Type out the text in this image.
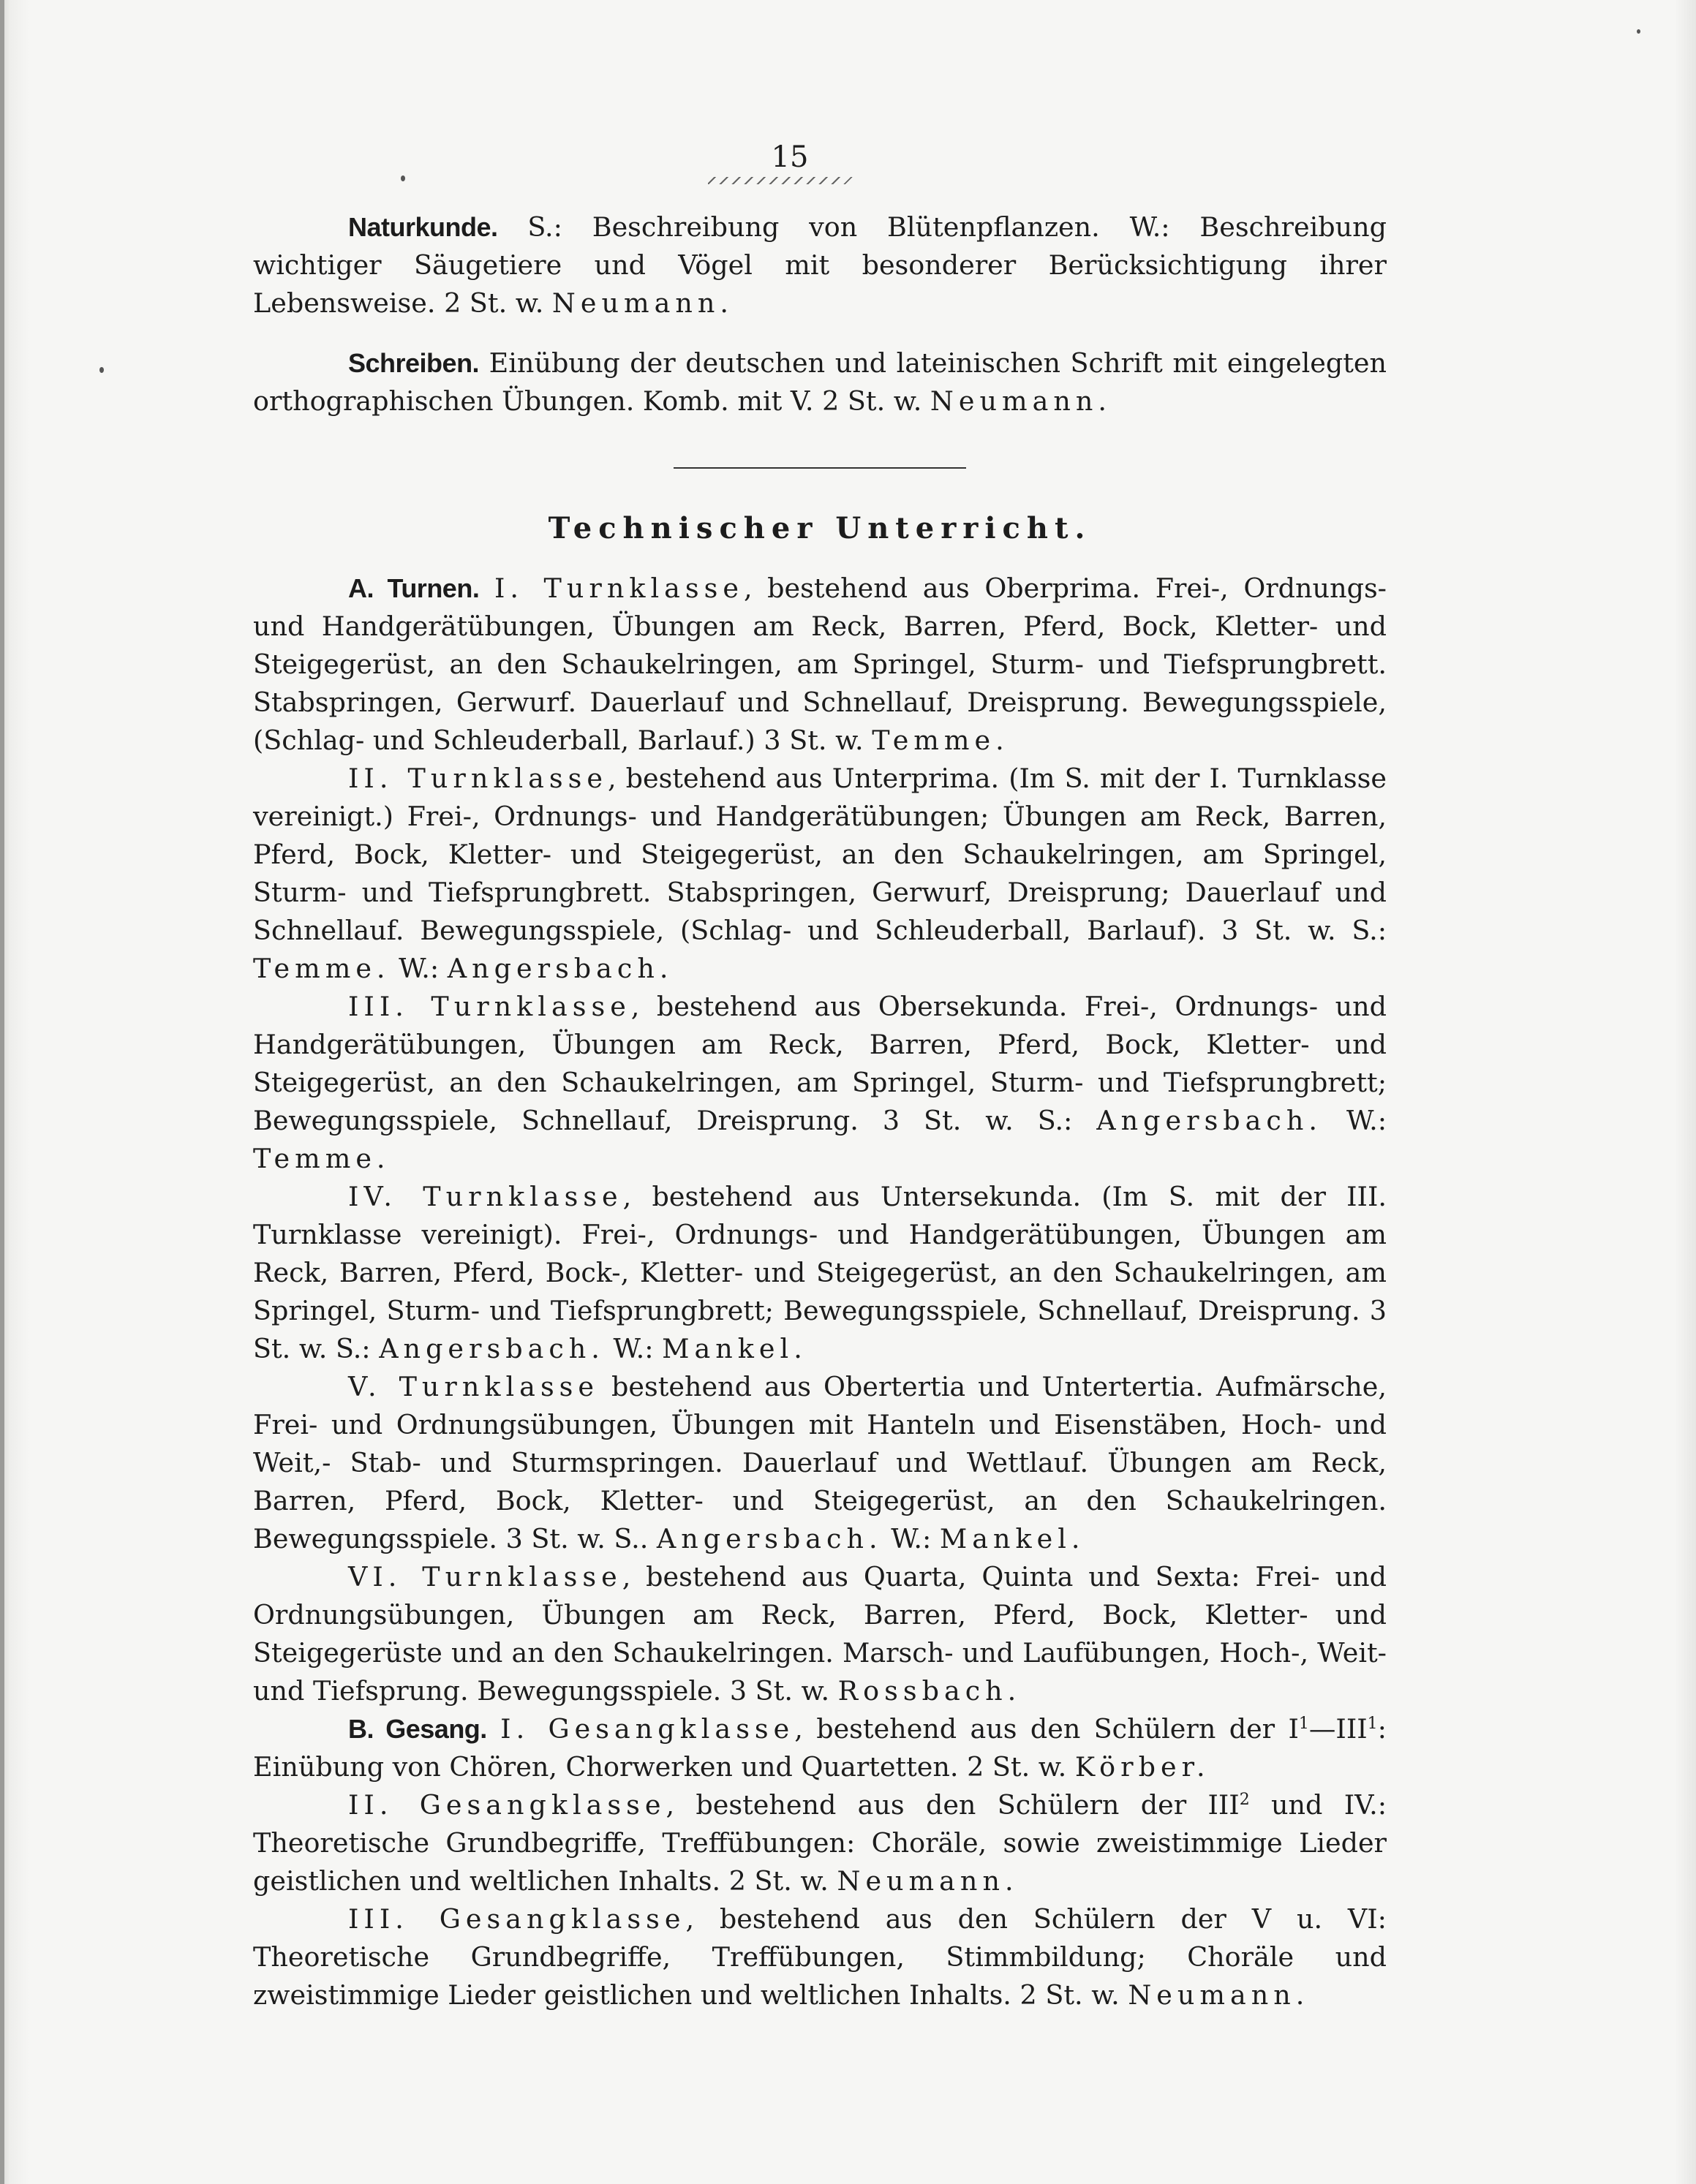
15

Naturkunde. S.: Beschreibung von Blütenpflanzen. W.: Beschreibung wichtiger Säugetiere und Vögel mit besonderer Berücksichtigung ihrer Lebensweise. 2 St. w. Neumann.

Schreiben. Einübung der deutschen und lateinischen Schrift mit eingelegten orthographischen Übungen. Komb. mit V. 2 St. w. Neumann.

Technischer Unterricht.

A. Turnen. I. Turnklasse, bestehend aus Oberprima. Frei-, Ordnungs- und Handgerätübungen, Übungen am Reck, Barren, Pferd, Bock, Kletter- und Steigegerüst, an den Schaukelringen, am Springel, Sturm- und Tiefsprungbrett. Stabspringen, Gerwurf. Dauerlauf und Schnellauf, Dreisprung. Bewegungsspiele, (Schlag- und Schleuderball, Barlauf.) 3 St. w. Temme.

II. Turnklasse, bestehend aus Unterprima. (Im S. mit der I. Turnklasse vereinigt.) Frei-, Ordnungs- und Handgerätübungen; Übungen am Reck, Barren, Pferd, Bock, Kletter- und Steigegerüst, an den Schaukelringen, am Springel, Sturm- und Tiefsprungbrett. Stabspringen, Gerwurf, Dreisprung; Dauerlauf und Schnellauf. Bewegungsspiele, (Schlag- und Schleuderball, Barlauf). 3 St. w. S.: Temme. W.: Angersbach.

III. Turnklasse, bestehend aus Obersekunda. Frei-, Ordnungs- und Handgerätübungen, Übungen am Reck, Barren, Pferd, Bock, Kletter- und Steigegerüst, an den Schaukelringen, am Springel, Sturm- und Tiefsprungbrett; Bewegungsspiele, Schnellauf, Dreisprung. 3 St. w. S.: Angersbach. W.: Temme.

IV. Turnklasse, bestehend aus Untersekunda. (Im S. mit der III. Turnklasse vereinigt). Frei-, Ordnungs- und Handgerätübungen, Übungen am Reck, Barren, Pferd, Bock-, Kletter- und Steigegerüst, an den Schaukelringen, am Springel, Sturm- und Tiefsprungbrett; Bewegungsspiele, Schnellauf, Dreisprung. 3 St. w. S.: Angersbach. W.: Mankel.

V. Turnklasse bestehend aus Obertertia und Untertertia. Aufmärsche, Frei- und Ordnungsübungen, Übungen mit Hanteln und Eisenstäben, Hoch- und Weit,- Stab- und Sturmspringen. Dauerlauf und Wettlauf. Übungen am Reck, Barren, Pferd, Bock, Kletter- und Steigegerüst, an den Schaukelringen. Bewegungsspiele. 3 St. w. S.. Angersbach. W.: Mankel.

VI. Turnklasse, bestehend aus Quarta, Quinta und Sexta: Frei- und Ordnungsübungen, Übungen am Reck, Barren, Pferd, Bock, Kletter- und Steigegerüste und an den Schaukelringen. Marsch- und Laufübungen, Hoch-, Weit- und Tiefsprung. Bewegungsspiele. 3 St. w. Rossbach.

B. Gesang. I. Gesangklasse, bestehend aus den Schülern der $I^1—III^1$: Einübung von Chören, Chorwerken und Quartetten. 2 St. w. Körber.

II. Gesangklasse, bestehend aus den Schülern der III$^2$ und IV.: Theoretische Grundbegriffe, Treffübungen: Choräle, sowie zweistimmige Lieder geistlichen und weltlichen Inhalts. 2 St. w. Neumann.

III. Gesangklasse, bestehend aus den Schülern der V u. VI: Theoretische Grundbegriffe, Treffübungen, Stimmbildung; Choräle und zweistimmige Lieder geistlichen und weltlichen Inhalts. 2 St. w. Neumann.
